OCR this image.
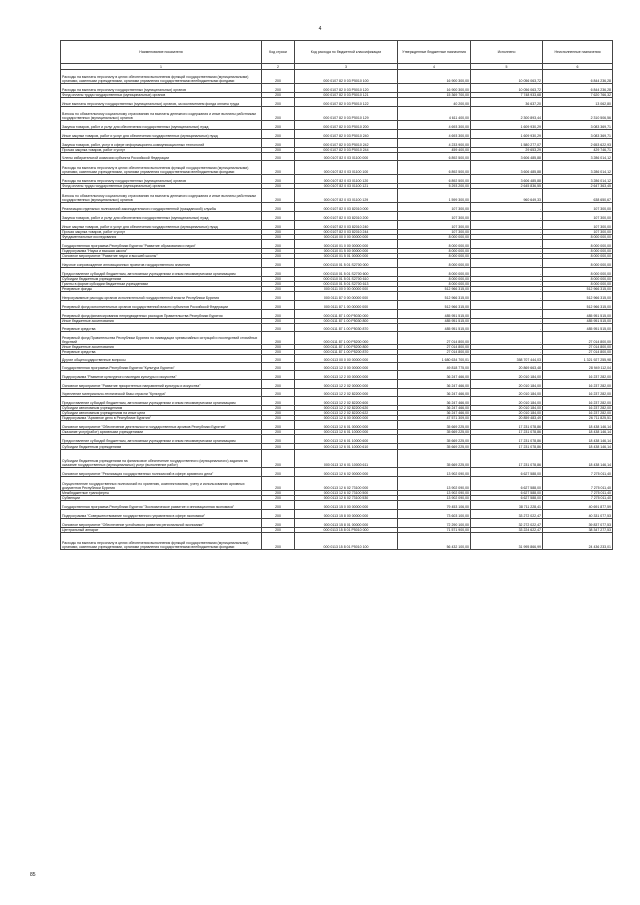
4
Наименование показателя	Код строки	Код расхода по бюджетной классификации	Утвержденные бюджетные назначения	Исполнено	Неисполненные назначения
1	2	3	4	5	6
Расходы на выплаты персоналу в целях обеспечения выполнения функций государственными (муниципальными) органами, казенными учреждениями, органами управления государственными внебюджетными фондами	200	000 0107 82 0 03 Р5010 100	16 900 300,00	10 056 063,72	6 844 236,28
Расходы на выплаты персоналу государственных (муниципальных) органов	200	000 0107 82 0 03 Р5010 120	16 900 300,00	10 056 063,72	6 844 236,28
Фонд оплаты труда государственных (муниципальных) органов	200	000 0107 82 0 03 Р5010 121	15 369 700,00	7 748 933,68	7 620 766,32
Иные выплаты персоналу государственных (муниципальных) органов, за исключением фонда оплаты труда	200	000 0107 82 0 03 Р5010 122	40 200,00	36 637,20	13 062,80
Взносы по обязательному социальному страхованию на выплаты денежного содержания и иные выплаты работникам государственных (муниципальных) органов	200	000 0107 82 0 03 Р5010 129	4 611 400,00	2 300 893,44	2 310 506,56
Закупка товаров, работ и услуг для обеспечения государственных (муниципальных) нужд	200	000 0107 82 0 03 Р5010 200	4 693 300,00	1 609 930,29	3 083 369,71
Иные закупки товаров, работ и услуг для обеспечения государственных (муниципальных) нужд	200	000 0107 82 0 03 Р5010 240	4 693 300,00	1 609 930,29	3 083 369,71
Закупка товаров, работ, услуг в сфере информационно-коммуникационных технологий	200	000 0107 82 0 03 Р5010 242	4 233 900,00	1 580 277,07	2 653 622,93
Прочая закупка товаров, работ и услуг	200	000 0107 82 0 03 Р5010 244	459 400,00	29 653,29	429 746,71
Члены избирательной комиссии субъекта Российской Федерации	200	000 0107 82 0 03 01100 000	6 892 500,00	3 606 485,88	3 286 014,12
Расходы на выплаты персоналу в целях обеспечения выполнения функций государственными (муниципальными) органами, казенными учреждениями, органами управления государственными внебюджетными фондами	200	000 0107 82 0 03 01100 100	6 892 500,00	3 606 485,88	3 286 014,12
Расходы на выплаты персоналу государственных (муниципальных) органов	200	000 0107 82 0 03 01100 120	6 892 500,00	3 606 485,88	3 286 014,12
Фонд оплаты труда государственных (муниципальных) органов	200	000 0107 82 0 03 01100 121	5 293 200,00	2 645 836,55	2 647 363,45
Взносы по обязательному социальному страхованию на выплаты денежного содержания и иные выплаты работникам государственных (муниципальных) органов	200	000 0107 82 0 03 01100 129	1 599 300,00	960 649,33	638 650,67
Реализация отдельных полномочий законодательного государственной (гражданской) службы	200	000 0107 82 0 03 82010 000	107 300,00	-	107 300,00
Закупка товаров, работ и услуг для обеспечения государственных (муниципальных) нужд	200	000 0107 82 0 03 82010 200	107 300,00	-	107 300,00
Иные закупки товаров, работ и услуг для обеспечения государственных (муниципальных) нужд	200	000 0107 82 0 03 82010 240	107 300,00	-	107 300,00
Прочая закупка товаров, работ и услуг	200	000 0107 82 0 03 82010 244	107 300,00	-	107 300,00
Фундаментальные исследования	200	000 0110 00 0 00 00000 000	8 000 000,00	-	8 000 000,00
Государственная программа Республики Бурятия "Развитие образования и науки"	200	000 0110 01 0 00 00000 000	8 000 000,00	-	8 000 000,00
Подпрограмма "Наука и высшая школа"	200	000 0110 01 5 00 00000 000	8 000 000,00	-	8 000 000,00
Основное мероприятие "Развитие науки и высшей школы"	200	000 0110 01 5 01 00000 000	8 000 000,00	-	8 000 000,00
Научное сопровождение инновационных проектов государственного значения	200	000 0110 01 5 01 S2700 000	8 000 000,00	-	8 000 000,00
Предоставление субсидий бюджетным, автономным учреждениям и иным некоммерческим организациям	200	000 0110 01 5 01 S2700 600	8 000 000,00	-	8 000 000,00
Субсидии бюджетным учреждениям	200	000 0110 01 5 01 S2700 610	8 000 000,00	-	8 000 000,00
Гранты в форме субсидии бюджетным учреждениям	200	000 0110 01 5 01 S2700 613	8 000 000,00	-	8 000 000,00
Резервные фонды	200	000 0111 00 0 00 00000 000	512 966 315,00	-	512 966 315,00
Непрограммные расходы органов исполнительной государственной власти Республики Бурятия	200	000 0111 87 0 00 00000 000	512 966 315,00	-	512 966 315,00
Резервный фонд исполнительных органов государственной власти субъектов Российской Федерации	200	000 0111 87 1 00 00000 000	512 966 315,00	-	512 966 315,00
Резервный фонд финансирования непредвиденных расходов Правительства Республики Бурятия	200	000 0111 87 1 00 Р5030 000	485 951 515,00	-	485 951 515,00
Иные бюджетные ассигнования	200	000 0111 87 1 00 Р5030 800	485 951 515,00	-	485 951 515,00
Резервные средства	200	000 0111 87 1 00 Р5030 870	485 951 515,00	-	485 951 515,00
Резервный фонд Правительства Республики Бурятия по ликвидации чрезвычайных ситуаций и последствий стихийных бедствий	200	000 0111 87 1 00 Р5200 000	27 014 800,00	-	27 014 800,00
Иные бюджетные ассигнования	200	000 0111 87 1 00 Р5200 800	27 014 800,00	-	27 014 800,00
Резервные средства	200	000 0111 87 1 00 Р5200 870	27 014 800,00	-	27 014 800,00
Другие общегосударственные вопросы	200	000 0113 00 0 00 00000 000	1 680 634 700,01	358 707 444,03	1 321 927 255,98
Государственная программа Республики Бурятия "Культура Бурятии"	200	000 0113 12 0 00 00000 000	49 818 775,00	20 869 663,48	28 949 112,04
Подпрограмма "Развитие культурного наследия культуры и искусства"	200	000 0113 12 2 00 00000 000	36 247 466,00	20 010 184,00	16 237 282,00
Основное мероприятие "Развитие приоритетных направлений культуры и искусства"	200	000 0113 12 2 02 00000 000	36 247 466,00	20 010 184,00	16 237 282,00
Укрепление материально-технической базы отрасли "Культура"	200	000 0113 12 2 02 82200 000	36 247 466,00	20 010 184,00	16 237 282,00
Предоставление субсидий бюджетным, автономным учреждениям и иным некоммерческим организациям	200	000 0113 12 2 02 82200 600	36 247 466,00	20 010 184,00	16 237 282,00
Субсидии автономным учреждениям	200	000 0113 12 2 02 82200 620	36 247 466,00	20 010 184,00	16 237 282,00
Субсидии автономным учреждениям на иные цели	200	000 0113 12 2 02 82200 622	36 247 466,00	20 010 184,00	16 237 282,00
Подпрограмма "Архивное дело в Республике Бурятия"	200	000 0113 12 6 00 00000 000	47 571 309,00	20 859 483,49	26 711 825,51
Основное мероприятие "Обеспечение деятельности государственных архивов Республики Бурятия"	200	000 0113 12 6 01 00000 000	35 669 225,00	17 231 078,86	18 438 146,14
Оказание услуг(работ) архивными учреждениями	200	000 0113 12 6 01 10000 000	35 669 225,00	17 231 078,86	18 438 146,14
Предоставление субсидий бюджетным, автономным учреждениям и иным некоммерческим организациям	200	000 0113 12 6 01 10000 600	35 669 225,00	17 231 078,86	18 438 146,14
Субсидии бюджетным учреждениям	200	000 0113 12 6 01 10000 610	35 669 225,00	17 231 078,86	18 438 146,14
Субсидии бюджетным учреждениям на финансовое обеспечение государственного (муниципального) задания на оказание государственных (муниципальных) услуг (выполнение работ)	200	000 0113 12 6 01 10000 611	35 669 225,00	17 231 078,86	18 438 146,14
Основное мероприятие "Реализация государственных полномочий в сфере архивного дела"	200	000 0113 12 6 02 00000 000	13 902 090,00	6 627 588,00	7 275 011,40
Осуществление государственных полномочий по хранению, комплектованию, учету и использованию архивных документов Республики Бурятия	200	000 0113 12 6 02 73100 000	13 902 090,00	6 627 588,00	7 275 011,40
Межбюджетные трансферты	200	000 0113 12 6 02 73100 500	13 902 090,00	6 627 588,00	7 275 011,40
Субвенции	200	000 0113 12 6 02 73100 530	13 902 090,00	6 627 588,00	7 275 011,40
Государственная программа Республики Бурятия "Экономическое развитие и инновационная экономика"	200	000 0113 15 0 00 00000 000	79 453 106,00	38 711 228,41	40 691 877,59
Подпрограмма "Совершенствование государственного управления в сфере экономики"	200	000 0113 15 8 00 00000 000	73 603 100,00	33 272 022,47	40 331 077,53
Основное мероприятие "Обеспечение устойчивого развития региональной экономики"	200	000 0113 15 8 01 00000 000	72 290 100,00	32 272 022,47	39 837 077,53
Центральный аппарат	200	000 0113 15 8 01 Р5010 000	71 571 900,00	33 224 622,47	38 347 277,53
Расходы на выплаты персоналу в целях обеспечения выполнения функций государственными (муниципальными) органами, казенными учреждениями, органами управления государственными внебюджетными фондами	200	000 0113 15 8 01 Р5010 100	56 432 100,00	31 995 866,99	24 436 233,01
85
